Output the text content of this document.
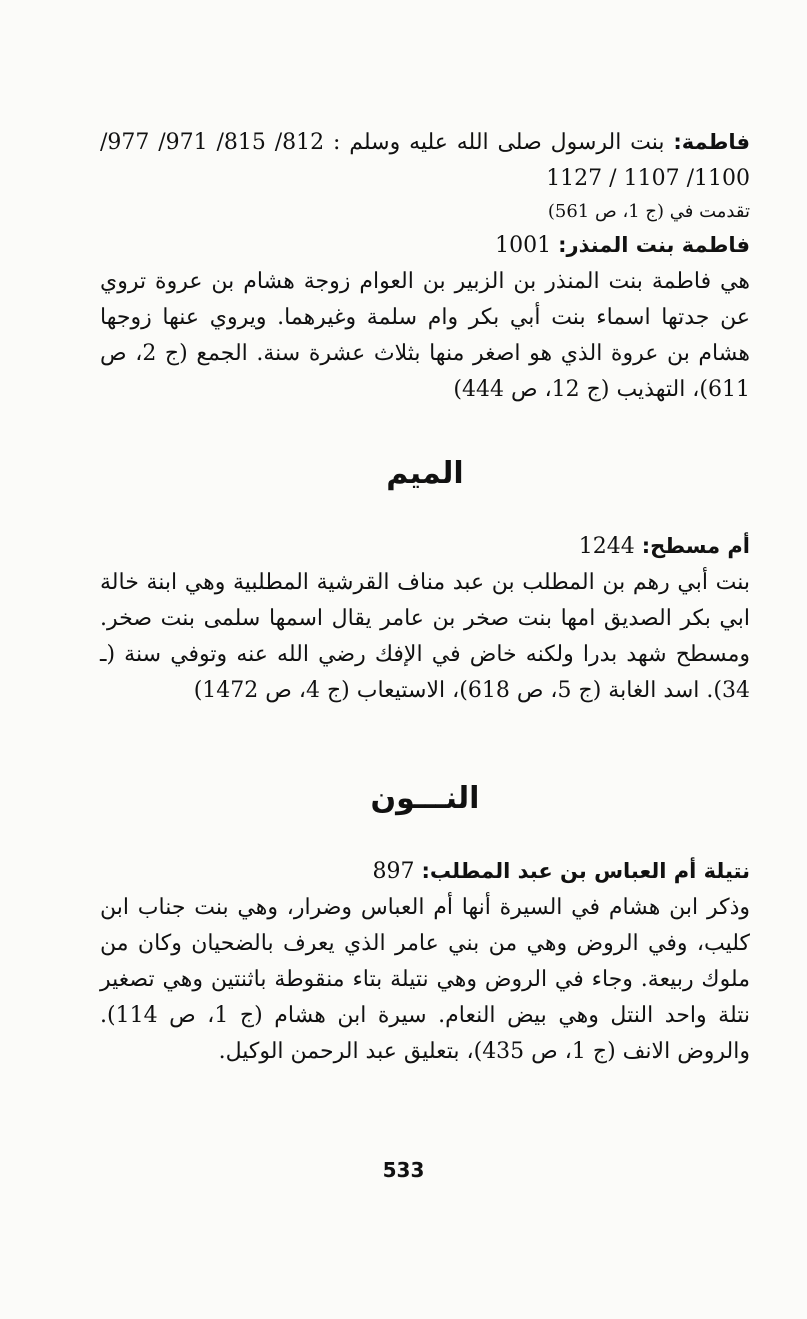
فاطمة: بنت الرسول صلى الله عليه وسلم : 812/ 815/ 971/ 977/ 1100/ 1107 / 1127

تقدمت في (ج 1، ص 561)

فاطمة بنت المنذر: 1001

هي فاطمة بنت المنذر بن الزبير بن العوام زوجة هشام بن عروة تروي عن جدتها اسماء بنت أبي بكر وام سلمة وغيرهما. ويروي عنها زوجها هشام بن عروة الذي هو اصغر منها بثلاث عشرة سنة. الجمع (ج 2، ص 611)، التهذيب (ج 12، ص 444)

الميم

أم مسطح: 1244

بنت أبي رهم بن المطلب بن عبد مناف القرشية المطلبية وهي ابنة خالة ابي بكر الصديق امها بنت صخر بن عامر يقال اسمها سلمى بنت صخر. ومسطح شهد بدرا ولكنه خاض في الإفك رضي الله عنه وتوفي سنة (ـ 34). اسد الغابة (ج 5، ص 618)، الاستيعاب (ج 4، ص 1472)

النـــون

نتيلة أم العباس بن عبد المطلب: 897

وذكر ابن هشام في السيرة أنها أم العباس وضرار، وهي بنت جناب ابن كليب، وفي الروض وهي من بني عامر الذي يعرف بالضحيان وكان من ملوك ربيعة. وجاء في الروض وهي نتيلة بتاء منقوطة باثنتين وهي تصغير نتلة واحد النتل وهي بيض النعام. سيرة ابن هشام (ج 1، ص 114). والروض الانف (ج 1، ص 435)، بتعليق عبد الرحمن الوكيل.

533
